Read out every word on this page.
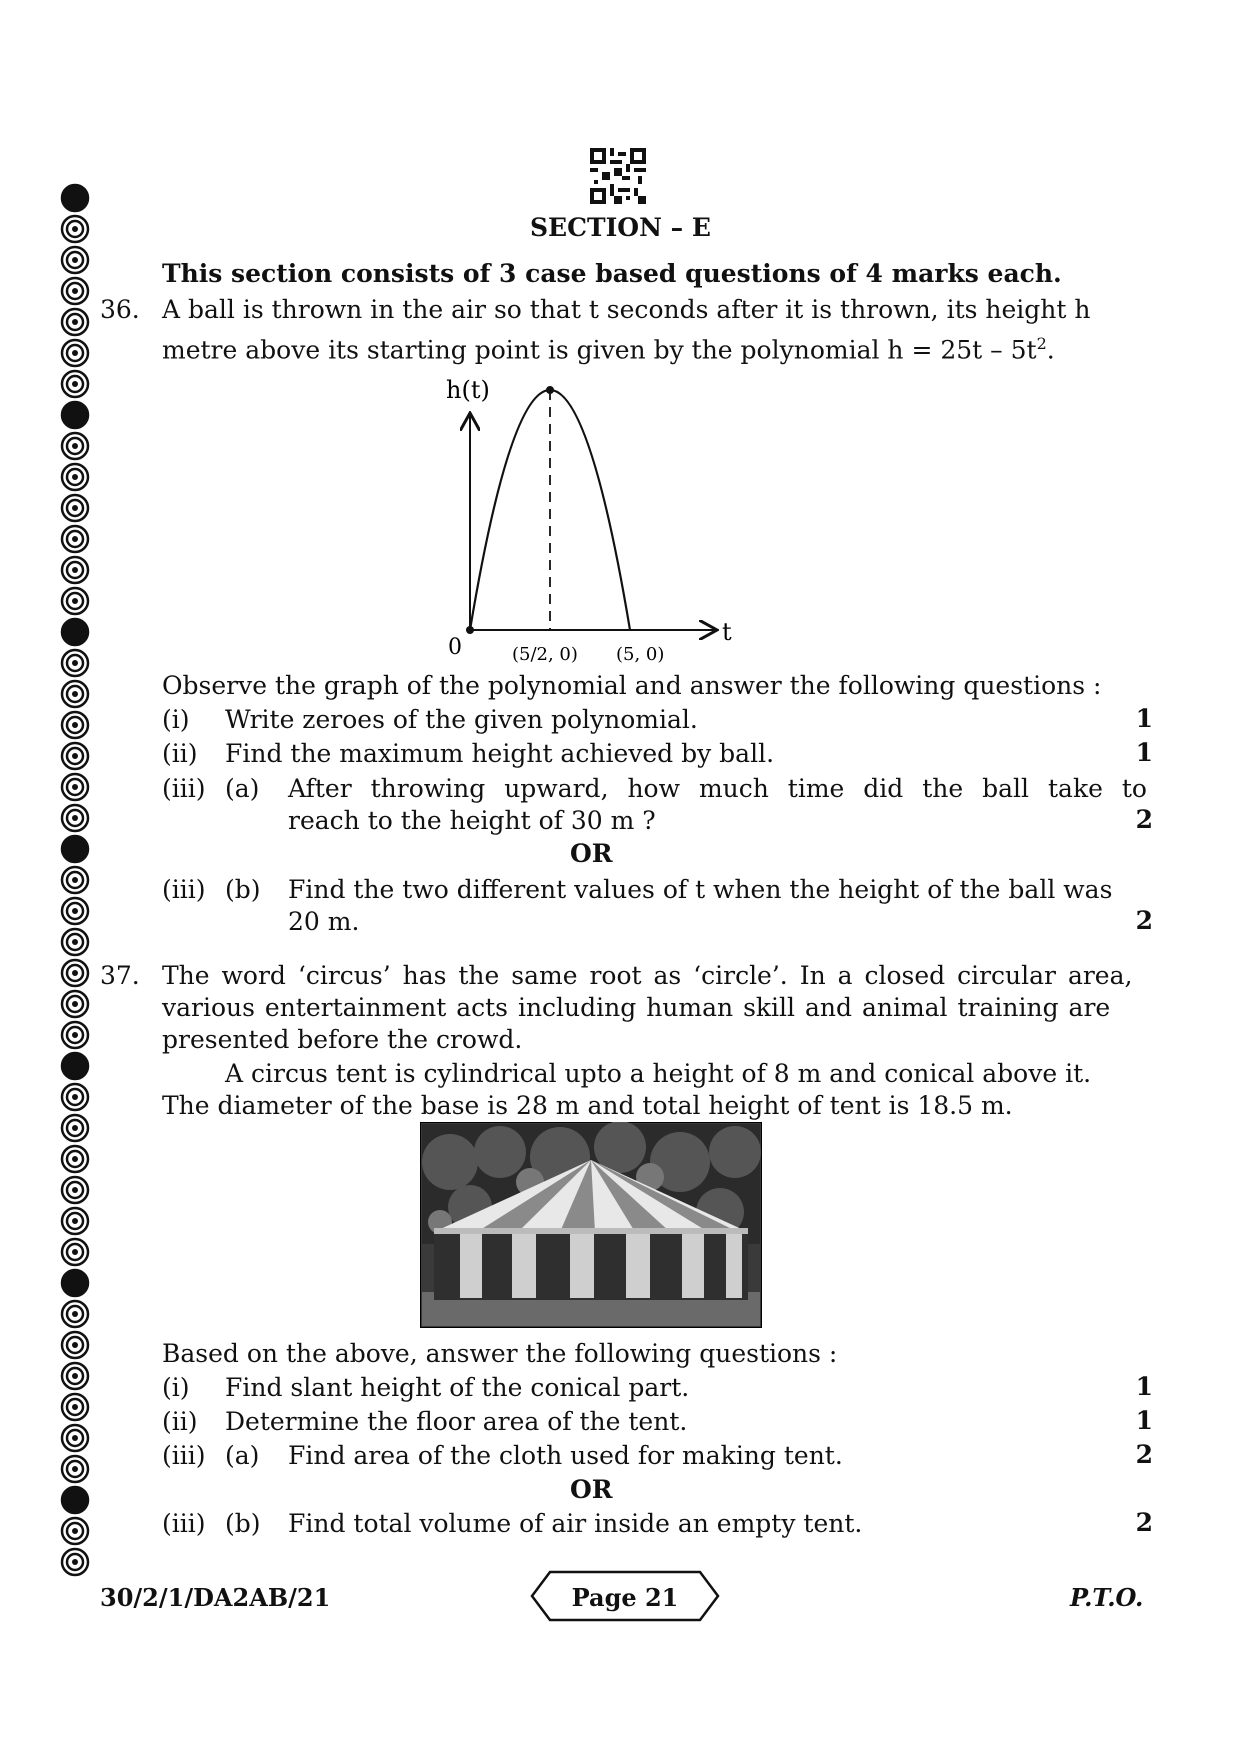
SECTION – E
This section consists of 3 case based questions of 4 marks each.
36. A ball is thrown in the air so that t seconds after it is thrown, its height h
metre above its starting point is given by the polynomial $h = 25t - 5t^2$.
h(t)
t
0	(5/2, 0) (5, 0)
Observe the graph of the polynomial and answer the following questions :
(i) Write zeroes of the given polynomial.	1
(ii) Find the maximum height achieved by ball.	1
(iii) (a) After throwing upward, how much time did the ball take to
reach to the height of 30 m ?	2
OR
(iii) (b) Find the two different values of t when the height of the ball was
20 m.	2
37. The word ‘circus’ has the same root as ‘circle’. In a closed circular area,
various entertainment acts including human skill and animal training are
presented before the crowd.
A circus tent is cylindrical upto a height of 8 m and conical above it.
The diameter of the base is 28 m and total height of tent is 18.5 m.
Based on the above, answer the following questions :
(i) Find slant height of the conical part.	1
(ii) Determine the floor area of the tent.	1
(iii) (a) Find area of the cloth used for making tent.	2
OR
(iii) (b) Find total volume of air inside an empty tent.	2
30/2/1/DA2AB/21	Page 21	P.T.O.
